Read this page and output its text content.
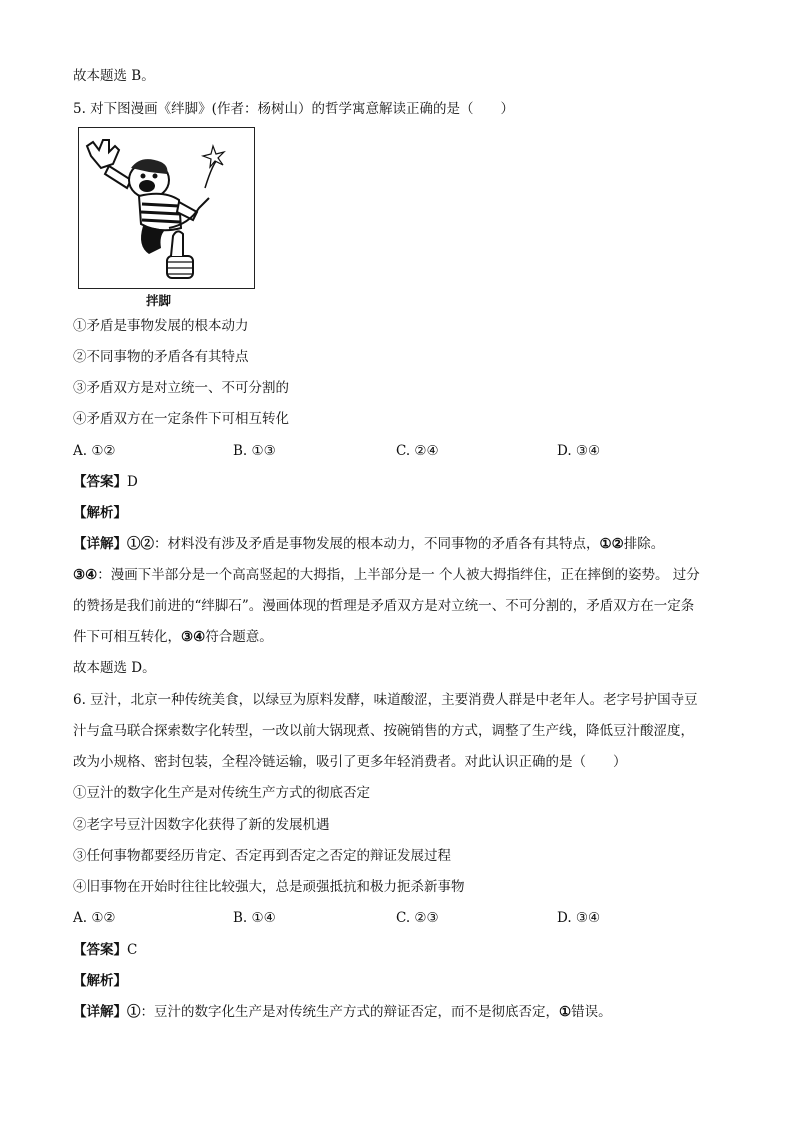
故本题选 B。
5. 对下图漫画《绊脚》(作者：杨树山）的哲学寓意解读正确的是（　　）
拌脚
①矛盾是事物发展的根本动力
②不同事物的矛盾各有其特点
③矛盾双方是对立统一、不可分割的
④矛盾双方在一定条件下可相互转化
A. ①②	B. ①③	C. ②④	D. ③④
【答案】D
【解析】
【详解】①②：材料没有涉及矛盾是事物发展的根本动力，不同事物的矛盾各有其特点，①②排除。
③④：漫画下半部分是一个高高竖起的大拇指，上半部分是一 个人被大拇指绊住，正在摔倒的姿势。 过分
的赞扬是我们前进的“绊脚石”。漫画体现的哲理是矛盾双方是对立统一、不可分割的，矛盾双方在一定条
件下可相互转化，③④符合题意。
故本题选 D。
6. 豆汁，北京一种传统美食，以绿豆为原料发酵，味道酸涩，主要消费人群是中老年人。老字号护国寺豆
汁与盒马联合探索数字化转型，一改以前大锅现煮、按碗销售的方式，调整了生产线，降低豆汁酸涩度，
改为小规格、密封包装，全程冷链运输，吸引了更多年轻消费者。对此认识正确的是（　　）
①豆汁的数字化生产是对传统生产方式的彻底否定
②老字号豆汁因数字化获得了新的发展机遇
③任何事物都要经历肯定、否定再到否定之否定的辩证发展过程
④旧事物在开始时往往比较强大，总是顽强抵抗和极力扼杀新事物
A. ①②	B. ①④	C. ②③	D. ③④
【答案】C
【解析】
【详解】①：豆汁的数字化生产是对传统生产方式的辩证否定，而不是彻底否定，①错误。
